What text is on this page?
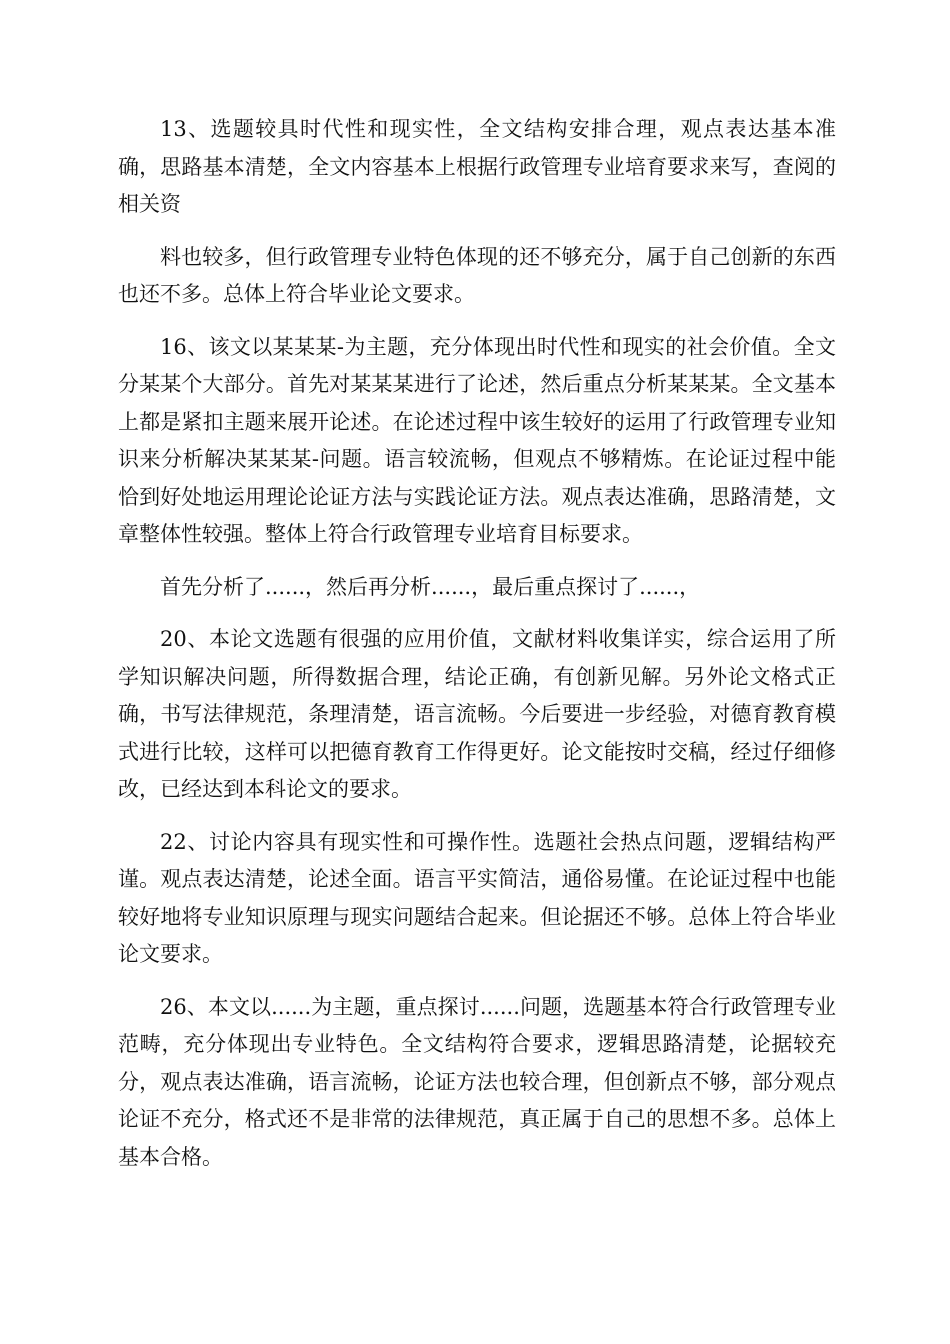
13、选题较具时代性和现实性，全文结构安排合理，观点表达基本准确，思路基本清楚，全文内容基本上根据行政管理专业培育要求来写，查阅的相关资

料也较多，但行政管理专业特色体现的还不够充分，属于自己创新的东西也还不多。总体上符合毕业论文要求。

16、该文以某某某-为主题，充分体现出时代性和现实的社会价值。全文分某某个大部分。首先对某某某进行了论述，然后重点分析某某某。全文基本上都是紧扣主题来展开论述。在论述过程中该生较好的运用了行政管理专业知识来分析解决某某某-问题。语言较流畅，但观点不够精炼。在论证过程中能恰到好处地运用理论论证方法与实践论证方法。观点表达准确，思路清楚，文章整体性较强。整体上符合行政管理专业培育目标要求。

首先分析了......，然后再分析......，最后重点探讨了......，

20、本论文选题有很强的应用价值，文献材料收集详实，综合运用了所学知识解决问题，所得数据合理，结论正确，有创新见解。另外论文格式正确，书写法律规范，条理清楚，语言流畅。今后要进一步经验，对德育教育模式进行比较，这样可以把德育教育工作得更好。论文能按时交稿，经过仔细修改，已经达到本科论文的要求。

22、讨论内容具有现实性和可操作性。选题社会热点问题，逻辑结构严谨。观点表达清楚，论述全面。语言平实简洁，通俗易懂。在论证过程中也能较好地将专业知识原理与现实问题结合起来。但论据还不够。总体上符合毕业论文要求。

26、本文以......为主题，重点探讨......问题，选题基本符合行政管理专业范畴，充分体现出专业特色。全文结构符合要求，逻辑思路清楚，论据较充分，观点表达准确，语言流畅，论证方法也较合理，但创新点不够，部分观点论证不充分，格式还不是非常的法律规范，真正属于自己的思想不多。总体上基本合格。
